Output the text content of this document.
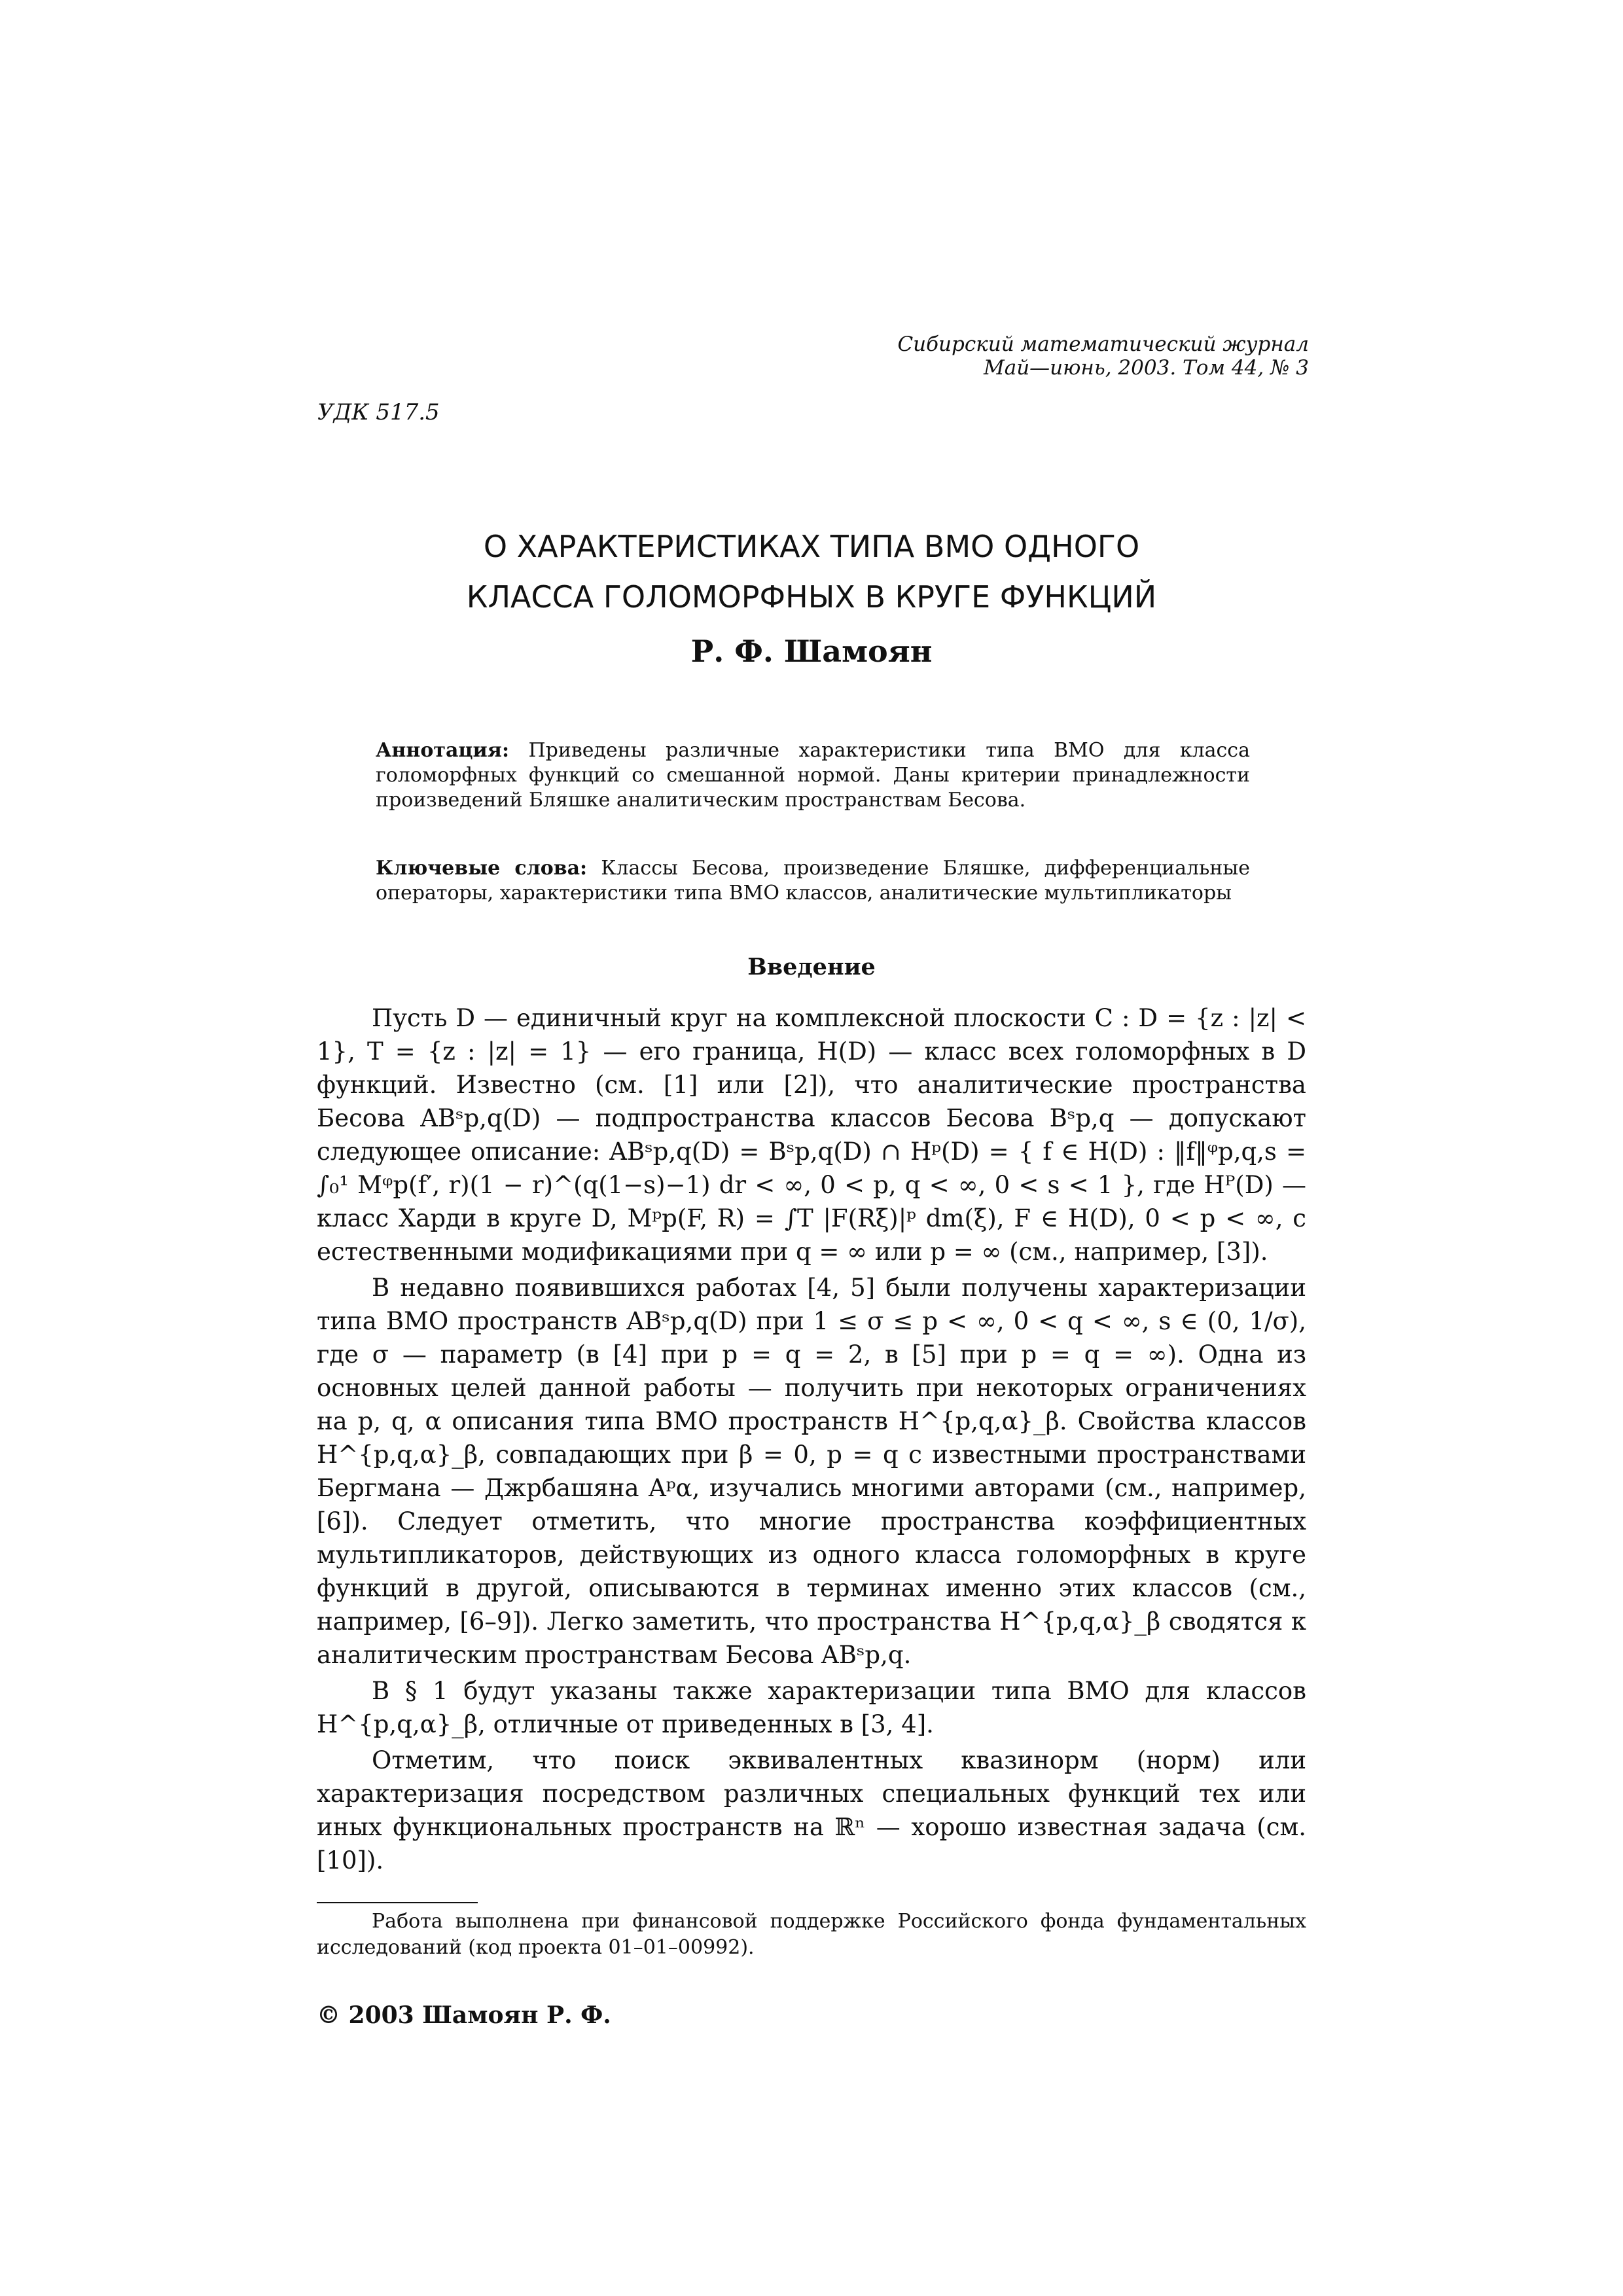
Сибирский математический журнал
Май—июнь, 2003. Том 44, № 3
УДК 517.5
О ХАРАКТЕРИСТИКАХ ТИПА BMO ОДНОГО
КЛАССА ГОЛОМОРФНЫХ В КРУГЕ ФУНКЦИЙ
Р. Ф. Шамоян
Аннотация: Приведены различные характеристики типа BMO для класса голоморфных функций со смешанной нормой. Даны критерии принадлежности произведений Бляшке аналитическим пространствам Бесова.
Ключевые слова: Классы Бесова, произведение Бляшке, дифференциальные операторы, характеристики типа BMO классов, аналитические мультипликаторы
Введение

Пусть D — единичный круг на комплексной плоскости C : D = {z : |z| < 1}, T = {z : |z| = 1} — его граница, H(D) — класс всех голоморфных в D функций. Известно (см. [1] или [2]), что аналитические пространства Бесова ABˢp,q(D) — подпространства классов Бесова Bˢp,q — допускают следующее описание: ABˢp,q(D) = Bˢp,q(D) ∩ Hᵖ(D) = { f ∈ H(D) : ‖f‖ᵠp,q,s = ∫₀¹ Mᵠp(f′, r)(1 − r)^(q(1−s)−1) dr < ∞, 0 < p, q < ∞, 0 < s < 1 }, где Hᴾ(D) — класс Харди в круге D, Mᵖp(F, R) = ∫T |F(Rξ)|ᵖ dm(ξ), F ∈ H(D), 0 < p < ∞, с естественными модификациями при q = ∞ или p = ∞ (см., например, [3]).

В недавно появившихся работах [4, 5] были получены характеризации типа BMO пространств ABˢp,q(D) при 1 ≤ σ ≤ p < ∞, 0 < q < ∞, s ∈ (0, 1/σ), где σ — параметр (в [4] при p = q = 2, в [5] при p = q = ∞). Одна из основных целей данной работы — получить при некоторых ограничениях на p, q, α описания типа BMO пространств H^{p,q,α}_β. Свойства классов H^{p,q,α}_β, совпадающих при β = 0, p = q с известными пространствами Бергмана — Джрбашяна Aᵖα, изучались многими авторами (см., например, [6]). Следует отметить, что многие пространства коэффициентных мультипликаторов, действующих из одного класса голоморфных в круге функций в другой, описываются в терминах именно этих классов (см., например, [6–9]). Легко заметить, что пространства H^{p,q,α}_β сводятся к аналитическим пространствам Бесова ABˢp,q.

В § 1 будут указаны также характеризации типа BMO для классов H^{p,q,α}_β, отличные от приведенных в [3, 4].

Отметим, что поиск эквивалентных квазинорм (норм) или характеризация посредством различных специальных функций тех или иных функциональных пространств на ℝⁿ — хорошо известная задача (см. [10]).

Работа выполнена при финансовой поддержке Российского фонда фундаментальных исследований (код проекта 01–01–00992).
© 2003 Шамоян Р. Ф.
